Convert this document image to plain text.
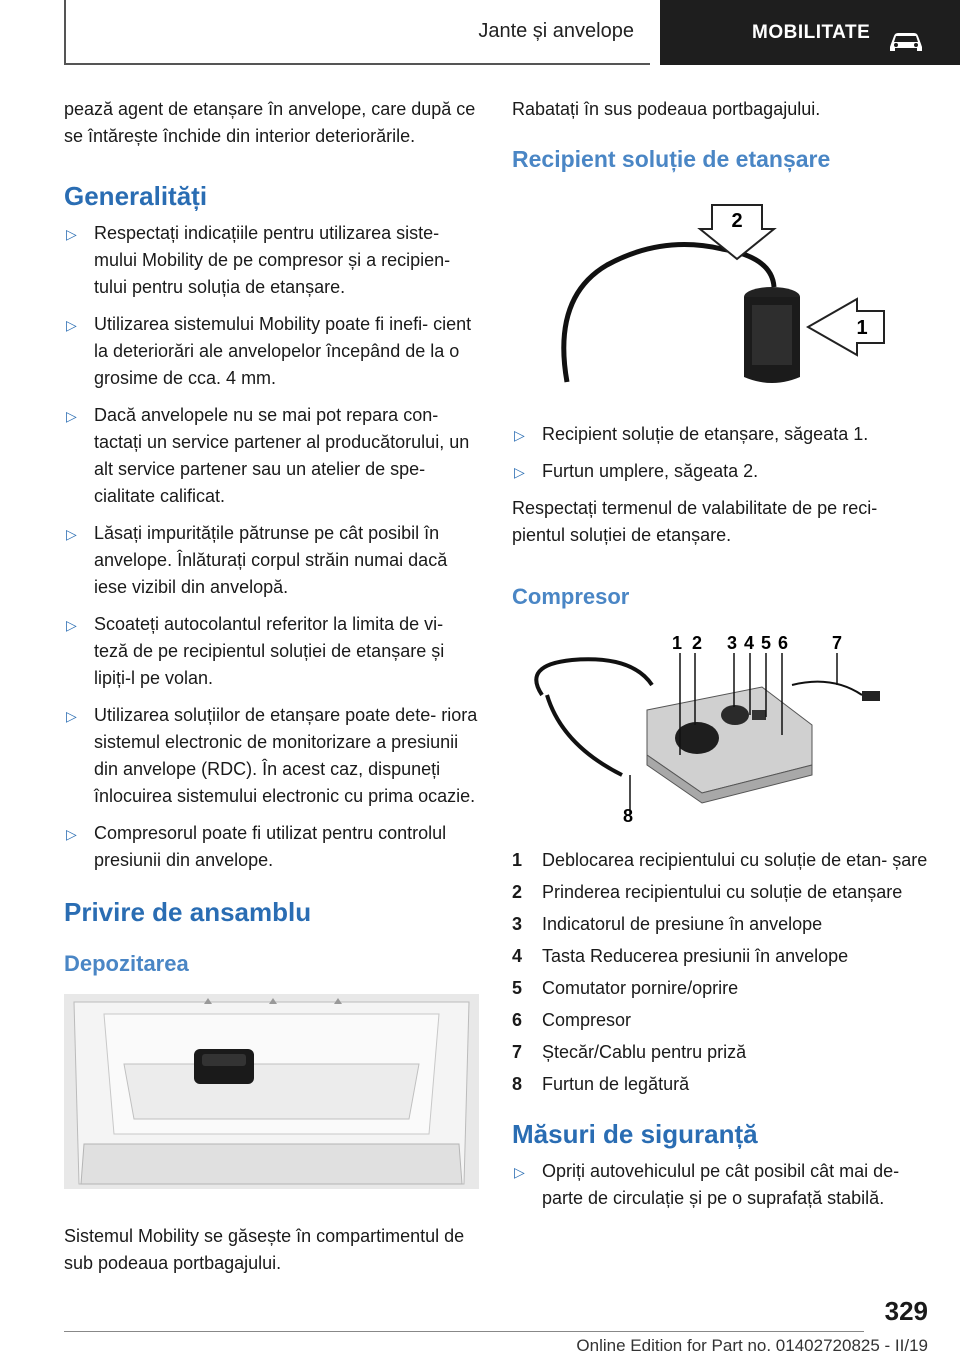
Jante și anvelope	MOBILITATE

pează agent de etanșare în anvelope, care după ce se întărește închide din interior deteriorările.

Generalități
▷ Respectați indicațiile pentru utilizarea siste‐ mului Mobility de pe compresor și a recipien‐ tului pentru soluția de etanșare.
▷ Utilizarea sistemului Mobility poate fi inefi‐ cient la deteriorări ale anvelopelor începând de la o grosime de cca. 4 mm.
▷ Dacă anvelopele nu se mai pot repara con‐ tactați un service partener al producătorului, un alt service partener sau un atelier de spe‐ cialitate calificat.
▷ Lăsați impuritățile pătrunse pe cât posibil în anvelope. Înlăturați corpul străin numai dacă iese vizibil din anvelopă.
▷ Scoateți autocolantul referitor la limita de vi‐ teză de pe recipientul soluției de etanșare și lipiți-l pe volan.
▷ Utilizarea soluțiilor de etanșare poate dete‐ riora sistemul electronic de monitorizare a presiunii din anvelope (RDC). În acest caz, dispuneți înlocuirea sistemului electronic cu prima ocazie.
▷ Compresorul poate fi utilizat pentru controlul presiunii din anvelope.
Privire de ansamblu
Depozitarea

Sistemul Mobility se găsește în compartimentul de sub podeaua portbagajului.

Rabatați în sus podeaua portbagajului.

Recipient soluție de etanșare
2
1
▷ Recipient soluție de etanșare, săgeata 1.
▷ Furtun umplere, săgeata 2.

Respectați termenul de valabilitate de pe reci‐ pientul soluției de etanșare.

Compresor
1 2 3 4 5 6 7
8
1 Deblocarea recipientului cu soluție de etan‐ șare
2 Prinderea recipientului cu soluție de etanșare
3 Indicatorul de presiune în anvelope
4 Tasta Reducerea presiunii în anvelope
5 Comutator pornire/oprire
6 Compresor
7 Ștecăr/Cablu pentru priză
8 Furtun de legătură
Măsuri de siguranță
▷ Opriți autovehiculul pe cât posibil cât mai de‐ parte de circulație și pe o suprafață stabilă.
329
Online Edition for Part no. 01402720825 - II/19
